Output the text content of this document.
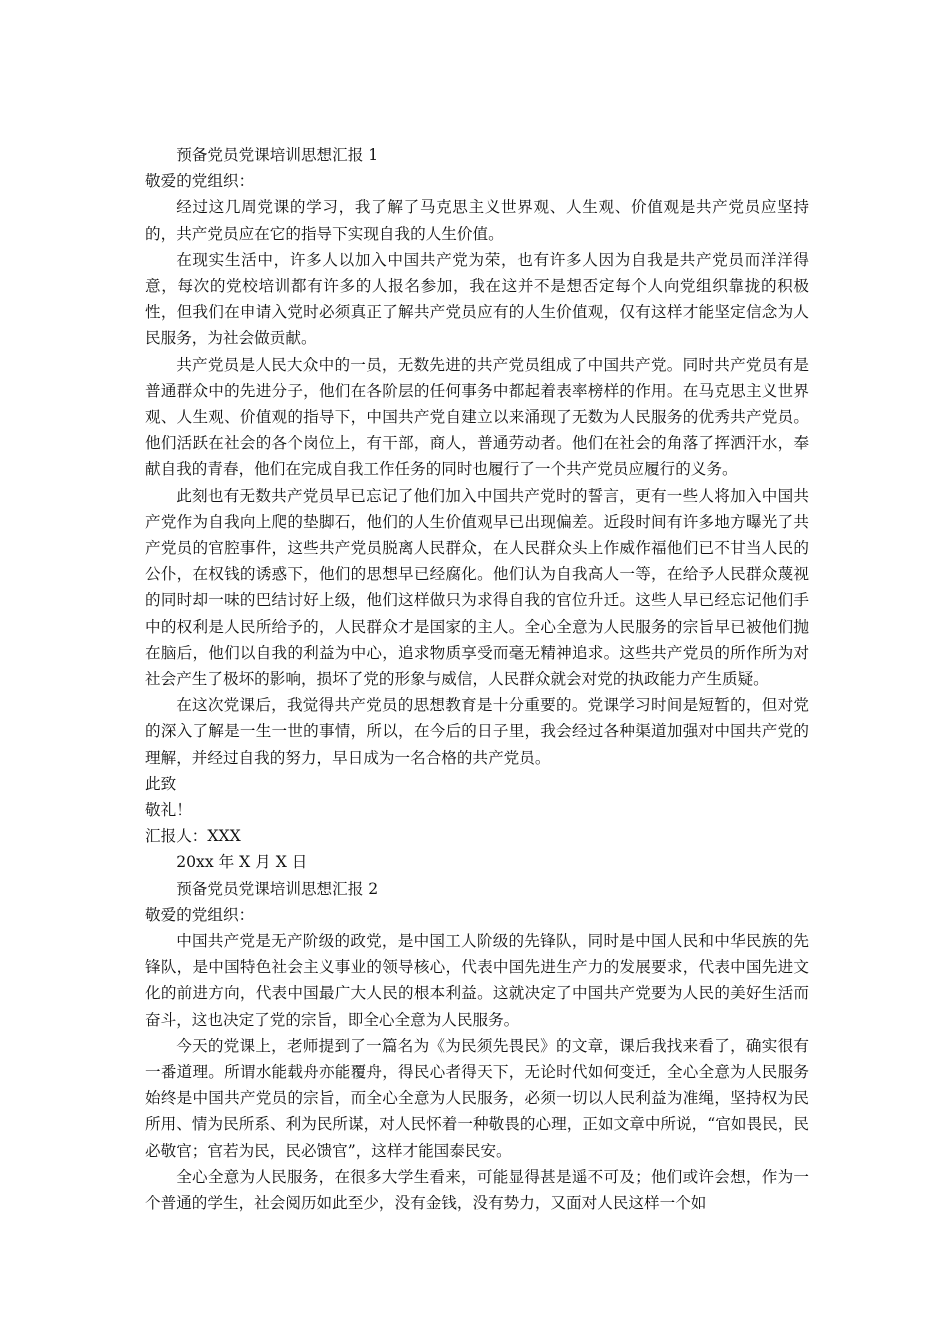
预备党员党课培训思想汇报 1
敬爱的党组织：

经过这几周党课的学习，我了解了马克思主义世界观、人生观、价值观是共产党员应坚持的，共产党员应在它的指导下实现自我的人生价值。

在现实生活中，许多人以加入中国共产党为荣，也有许多人因为自我是共产党员而洋洋得意，每次的党校培训都有许多的人报名参加，我在这并不是想否定每个人向党组织靠拢的积极性，但我们在申请入党时必须真正了解共产党员应有的人生价值观，仅有这样才能坚定信念为人民服务，为社会做贡献。

共产党员是人民大众中的一员，无数先进的共产党员组成了中国共产党。同时共产党员有是普通群众中的先进分子，他们在各阶层的任何事务中都起着表率榜样的作用。在马克思主义世界观、人生观、价值观的指导下，中国共产党自建立以来涌现了无数为人民服务的优秀共产党员。他们活跃在社会的各个岗位上，有干部，商人，普通劳动者。他们在社会的角落了挥洒汗水，奉献自我的青春，他们在完成自我工作任务的同时也履行了一个共产党员应履行的义务。

此刻也有无数共产党员早已忘记了他们加入中国共产党时的誓言，更有一些人将加入中国共产党作为自我向上爬的垫脚石，他们的人生价值观早已出现偏差。近段时间有许多地方曝光了共产党员的官腔事件，这些共产党员脱离人民群众，在人民群众头上作威作福他们已不甘当人民的公仆，在权钱的诱惑下，他们的思想早已经腐化。他们认为自我高人一等，在给予人民群众蔑视的同时却一味的巴结讨好上级，他们这样做只为求得自我的官位升迁。这些人早已经忘记他们手中的权利是人民所给予的，人民群众才是国家的主人。全心全意为人民服务的宗旨早已被他们抛在脑后，他们以自我的利益为中心，追求物质享受而毫无精神追求。这些共产党员的所作所为对社会产生了极坏的影响，损坏了党的形象与威信，人民群众就会对党的执政能力产生质疑。

在这次党课后，我觉得共产党员的思想教育是十分重要的。党课学习时间是短暂的，但对党的深入了解是一生一世的事情，所以，在今后的日子里，我会经过各种渠道加强对中国共产党的理解，并经过自我的努力，早日成为一名合格的共产党员。

此致
敬礼！
汇报人：XXX
20xx 年 X 月 X 日
预备党员党课培训思想汇报 2
敬爱的党组织：

中国共产党是无产阶级的政党，是中国工人阶级的先锋队，同时是中国人民和中华民族的先锋队，是中国特色社会主义事业的领导核心，代表中国先进生产力的发展要求，代表中国先进文化的前进方向，代表中国最广大人民的根本利益。这就决定了中国共产党要为人民的美好生活而奋斗，这也决定了党的宗旨，即全心全意为人民服务。

今天的党课上，老师提到了一篇名为《为民须先畏民》的文章，课后我找来看了，确实很有一番道理。所谓水能载舟亦能覆舟，得民心者得天下，无论时代如何变迁，全心全意为人民服务始终是中国共产党员的宗旨，而全心全意为人民服务，必须一切以人民利益为准绳，坚持权为民所用、情为民所系、利为民所谋，对人民怀着一种敬畏的心理，正如文章中所说，“官如畏民，民必敬官；官若为民，民必馈官”，这样才能国泰民安。

全心全意为人民服务，在很多大学生看来，可能显得甚是遥不可及；他们或许会想，作为一个普通的学生，社会阅历如此至少，没有金钱，没有势力，又面对人民这样一个如
